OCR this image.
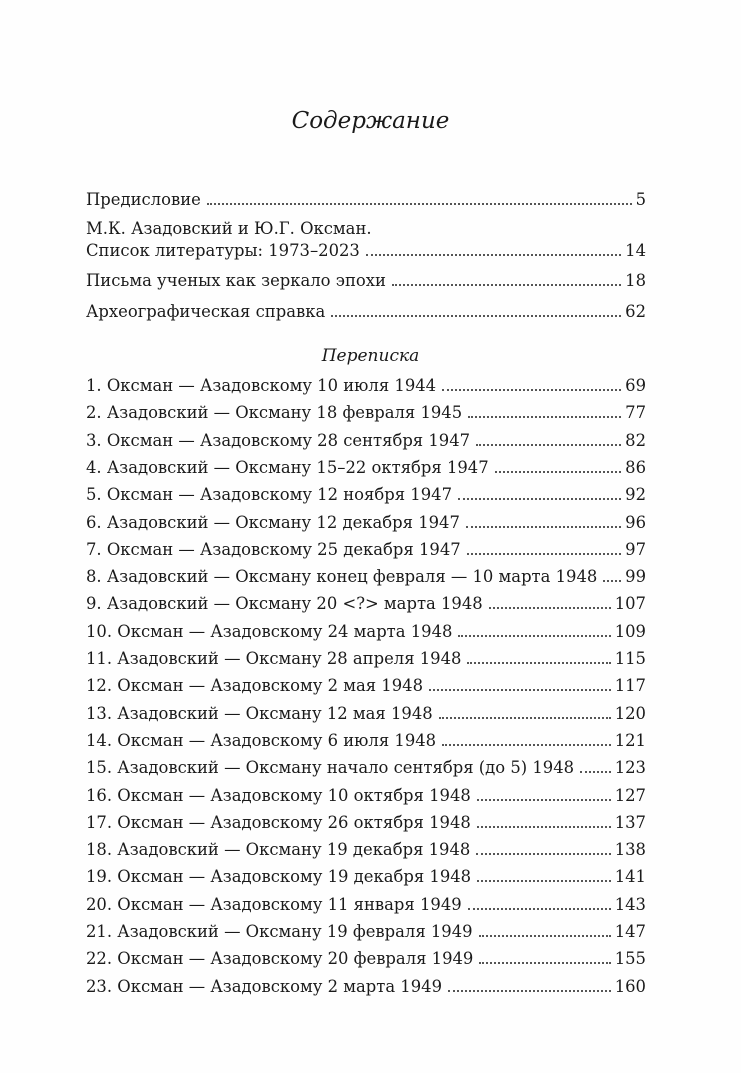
Содержание
Предисловие	5
М.К. Азадовский и Ю.Г. Оксман.
Список литературы: 1973–2023	14
Письма ученых как зеркало эпохи	18
Археографическая справка	62
Переписка
1. Оксман — Азадовскому 10 июля 1944	69
2. Азадовский — Оксману 18 февраля 1945	77
3. Оксман — Азадовскому 28 сентября 1947	82
4. Азадовский — Оксману 15–22 октября 1947	86
5. Оксман — Азадовскому 12 ноября 1947	92
6. Азадовский — Оксману 12 декабря 1947	96
7. Оксман — Азадовскому 25 декабря 1947	97
8. Азадовский — Оксману конец февраля — 10 марта 1948 99
9. Азадовский — Оксману 20 <?> марта 1948	107
10. Оксман — Азадовскому 24 марта 1948	109
11. Азадовский — Оксману 28 апреля 1948	115
12. Оксман — Азадовскому 2 мая 1948	117
13. Азадовский — Оксману 12 мая 1948	120
14. Оксман — Азадовскому 6 июля 1948	121
15. Азадовский — Оксману начало сентября (до 5) 1948 123
16. Оксман — Азадовскому 10 октября 1948	127
17. Оксман — Азадовскому 26 октября 1948	137
18. Азадовский — Оксману 19 декабря 1948	138
19. Оксман — Азадовскому 19 декабря 1948	141
20. Оксман — Азадовскому 11 января 1949	143
21. Азадовский — Оксману 19 февраля 1949	147
22. Оксман — Азадовскому 20 февраля 1949	155
23. Оксман — Азадовскому 2 марта 1949	160
